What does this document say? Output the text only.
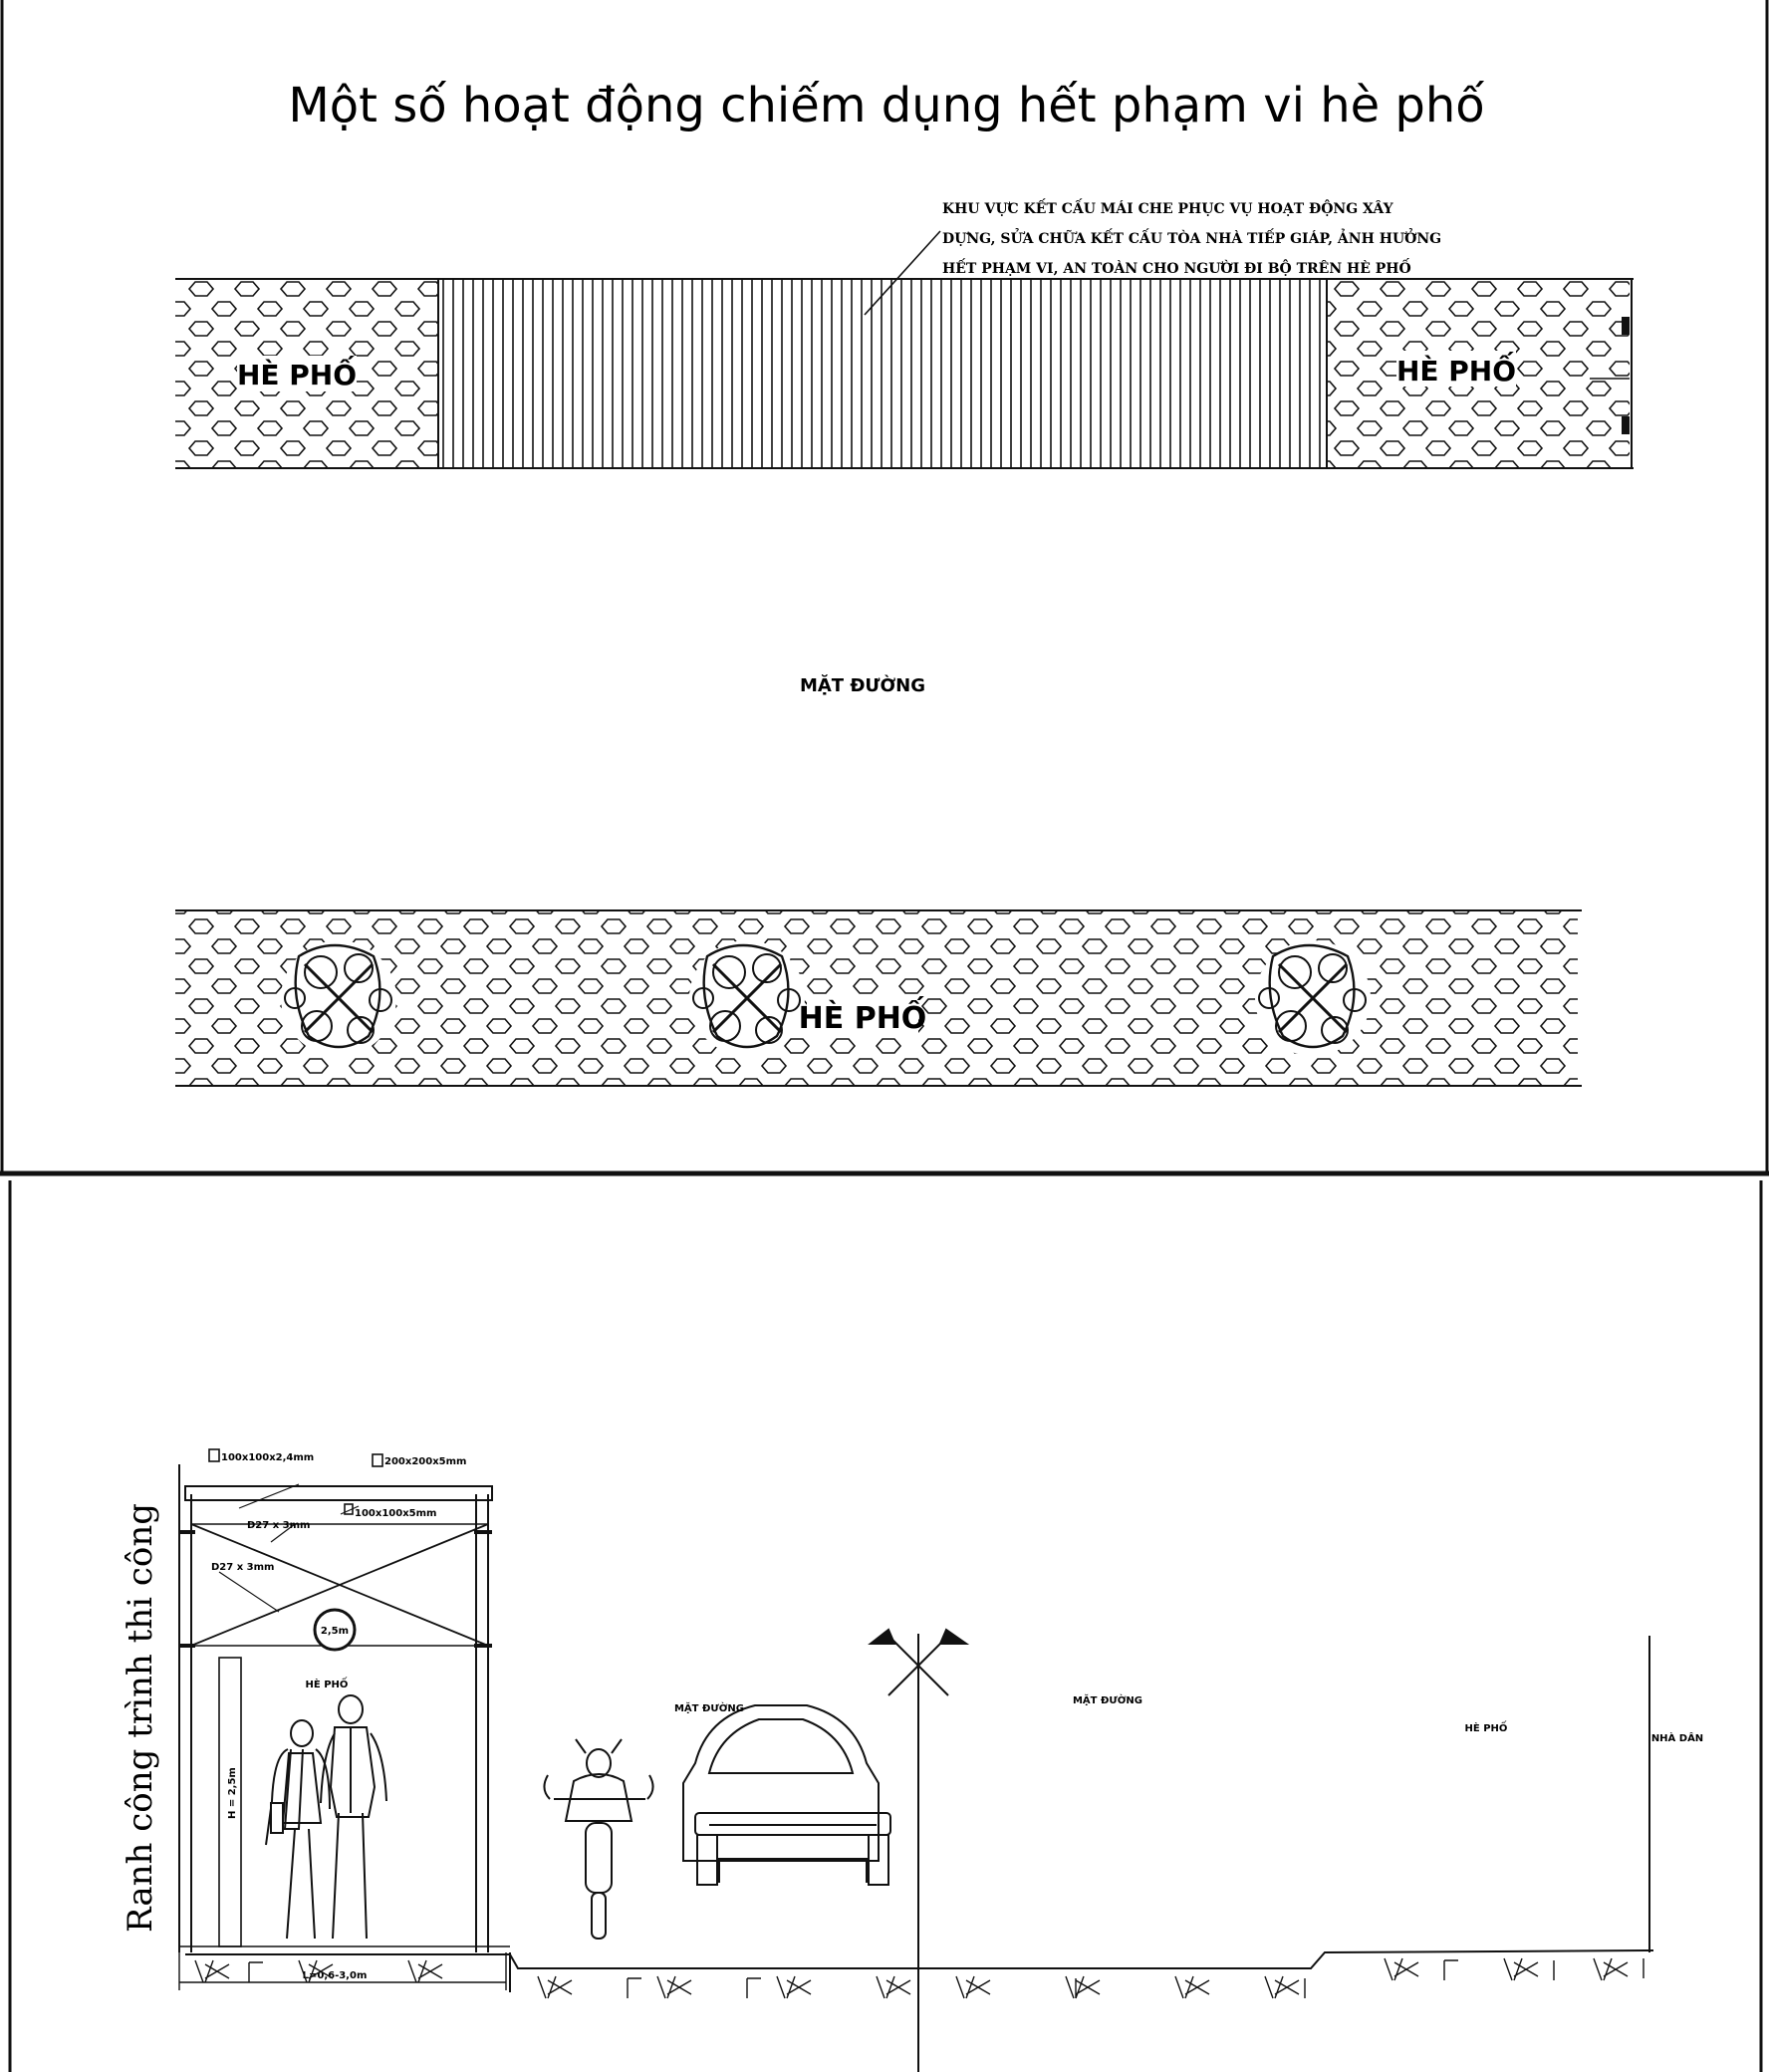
Một số hoạt động chiếm dụng hết phạm vi hè phố
HÈ PHỐ	HÈ PHỐ
KHU VỰC KẾT CẤU MÁI CHE PHỤC VỤ HOẠT ĐỘNG XÂY
DỰNG, SỬA CHỮA KẾT CẤU TÒA NHÀ TIẾP GIÁP, ẢNH HƯỞNG
HẾT PHẠM VI, AN TOÀN CHO NGƯỜI ĐI BỘ TRÊN HÈ PHỐ
MẶT ĐƯỜNG
HÈ PHỐ
Ranh công trình thi công
100x100x2,4mm	200x200x5mm
100x100x5mm
D27 x 3mm
D27 x 3mm
2,5m
HÈ PHỐ
H = 2,5m
L=0,6-3,0m
MẶT ĐƯỜNG
MẶT ĐƯỜNG
HÈ PHỐ
NHÀ DÂN
